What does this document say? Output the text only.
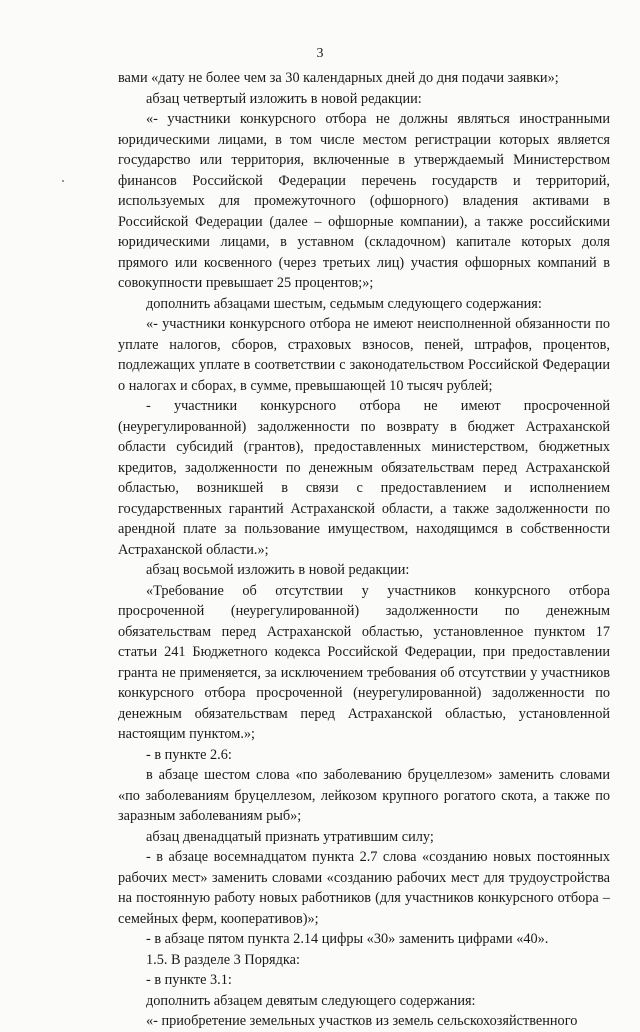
3

вами «дату не более чем за 30 календарных дней до дня подачи заявки»;

абзац четвертый изложить в новой редакции:

«- участники конкурсного отбора не должны являться иностранными юридическими лицами, в том числе местом регистрации которых является государство или территория, включенные в утверждаемый Министерством финансов Российской Федерации перечень государств и территорий, используемых для промежуточного (офшорного) владения активами в Российской Федерации (далее – офшорные компании), а также российскими юридическими лицами, в уставном (складочном) капитале которых доля прямого или косвенного (через третьих лиц) участия офшорных компаний в совокупности превышает 25 процентов;»;

дополнить абзацами шестым, седьмым следующего содержания:

«- участники конкурсного отбора не имеют неисполненной обязанности по уплате налогов, сборов, страховых взносов, пеней, штрафов, процентов, подлежащих уплате в соответствии с законодательством Российской Федерации о налогах и сборах, в сумме, превышающей 10 тысяч рублей;

- участники конкурсного отбора не имеют просроченной (неурегулированной) задолженности по возврату в бюджет Астраханской области субсидий (грантов), предоставленных министерством, бюджетных кредитов, задолженности по денежным обязательствам перед Астраханской областью, возникшей в связи с предоставлением и исполнением государственных гарантий Астраханской области, а также задолженности по арендной плате за пользование имуществом, находящимся в собственности Астраханской области.»;

абзац восьмой изложить в новой редакции:

«Требование об отсутствии у участников конкурсного отбора просроченной (неурегулированной) задолженности по денежным обязательствам перед Астраханской областью, установленное пунктом 17 статьи 241 Бюджетного кодекса Российской Федерации, при предоставлении гранта не применяется, за исключением требования об отсутствии у участников конкурсного отбора просроченной (неурегулированной) задолженности по денежным обязательствам перед Астраханской областью, установленной настоящим пунктом.»;

- в пункте 2.6:

в абзаце шестом слова «по заболеванию бруцеллезом» заменить словами «по заболеваниям бруцеллезом, лейкозом крупного рогатого скота, а также по заразным заболеваниям рыб»;

абзац двенадцатый признать утратившим силу;

- в абзаце восемнадцатом пункта 2.7 слова «созданию новых постоянных рабочих мест» заменить словами «созданию рабочих мест для трудоустройства на постоянную работу новых работников (для участников конкурсного отбора – семейных ферм, кооперативов)»;

- в абзаце пятом пункта 2.14 цифры «30» заменить цифрами «40».

1.5. В разделе 3 Порядка:

- в пункте 3.1:

дополнить абзацем девятым следующего содержания:

«- приобретение земельных участков из земель сельскохозяйственного
